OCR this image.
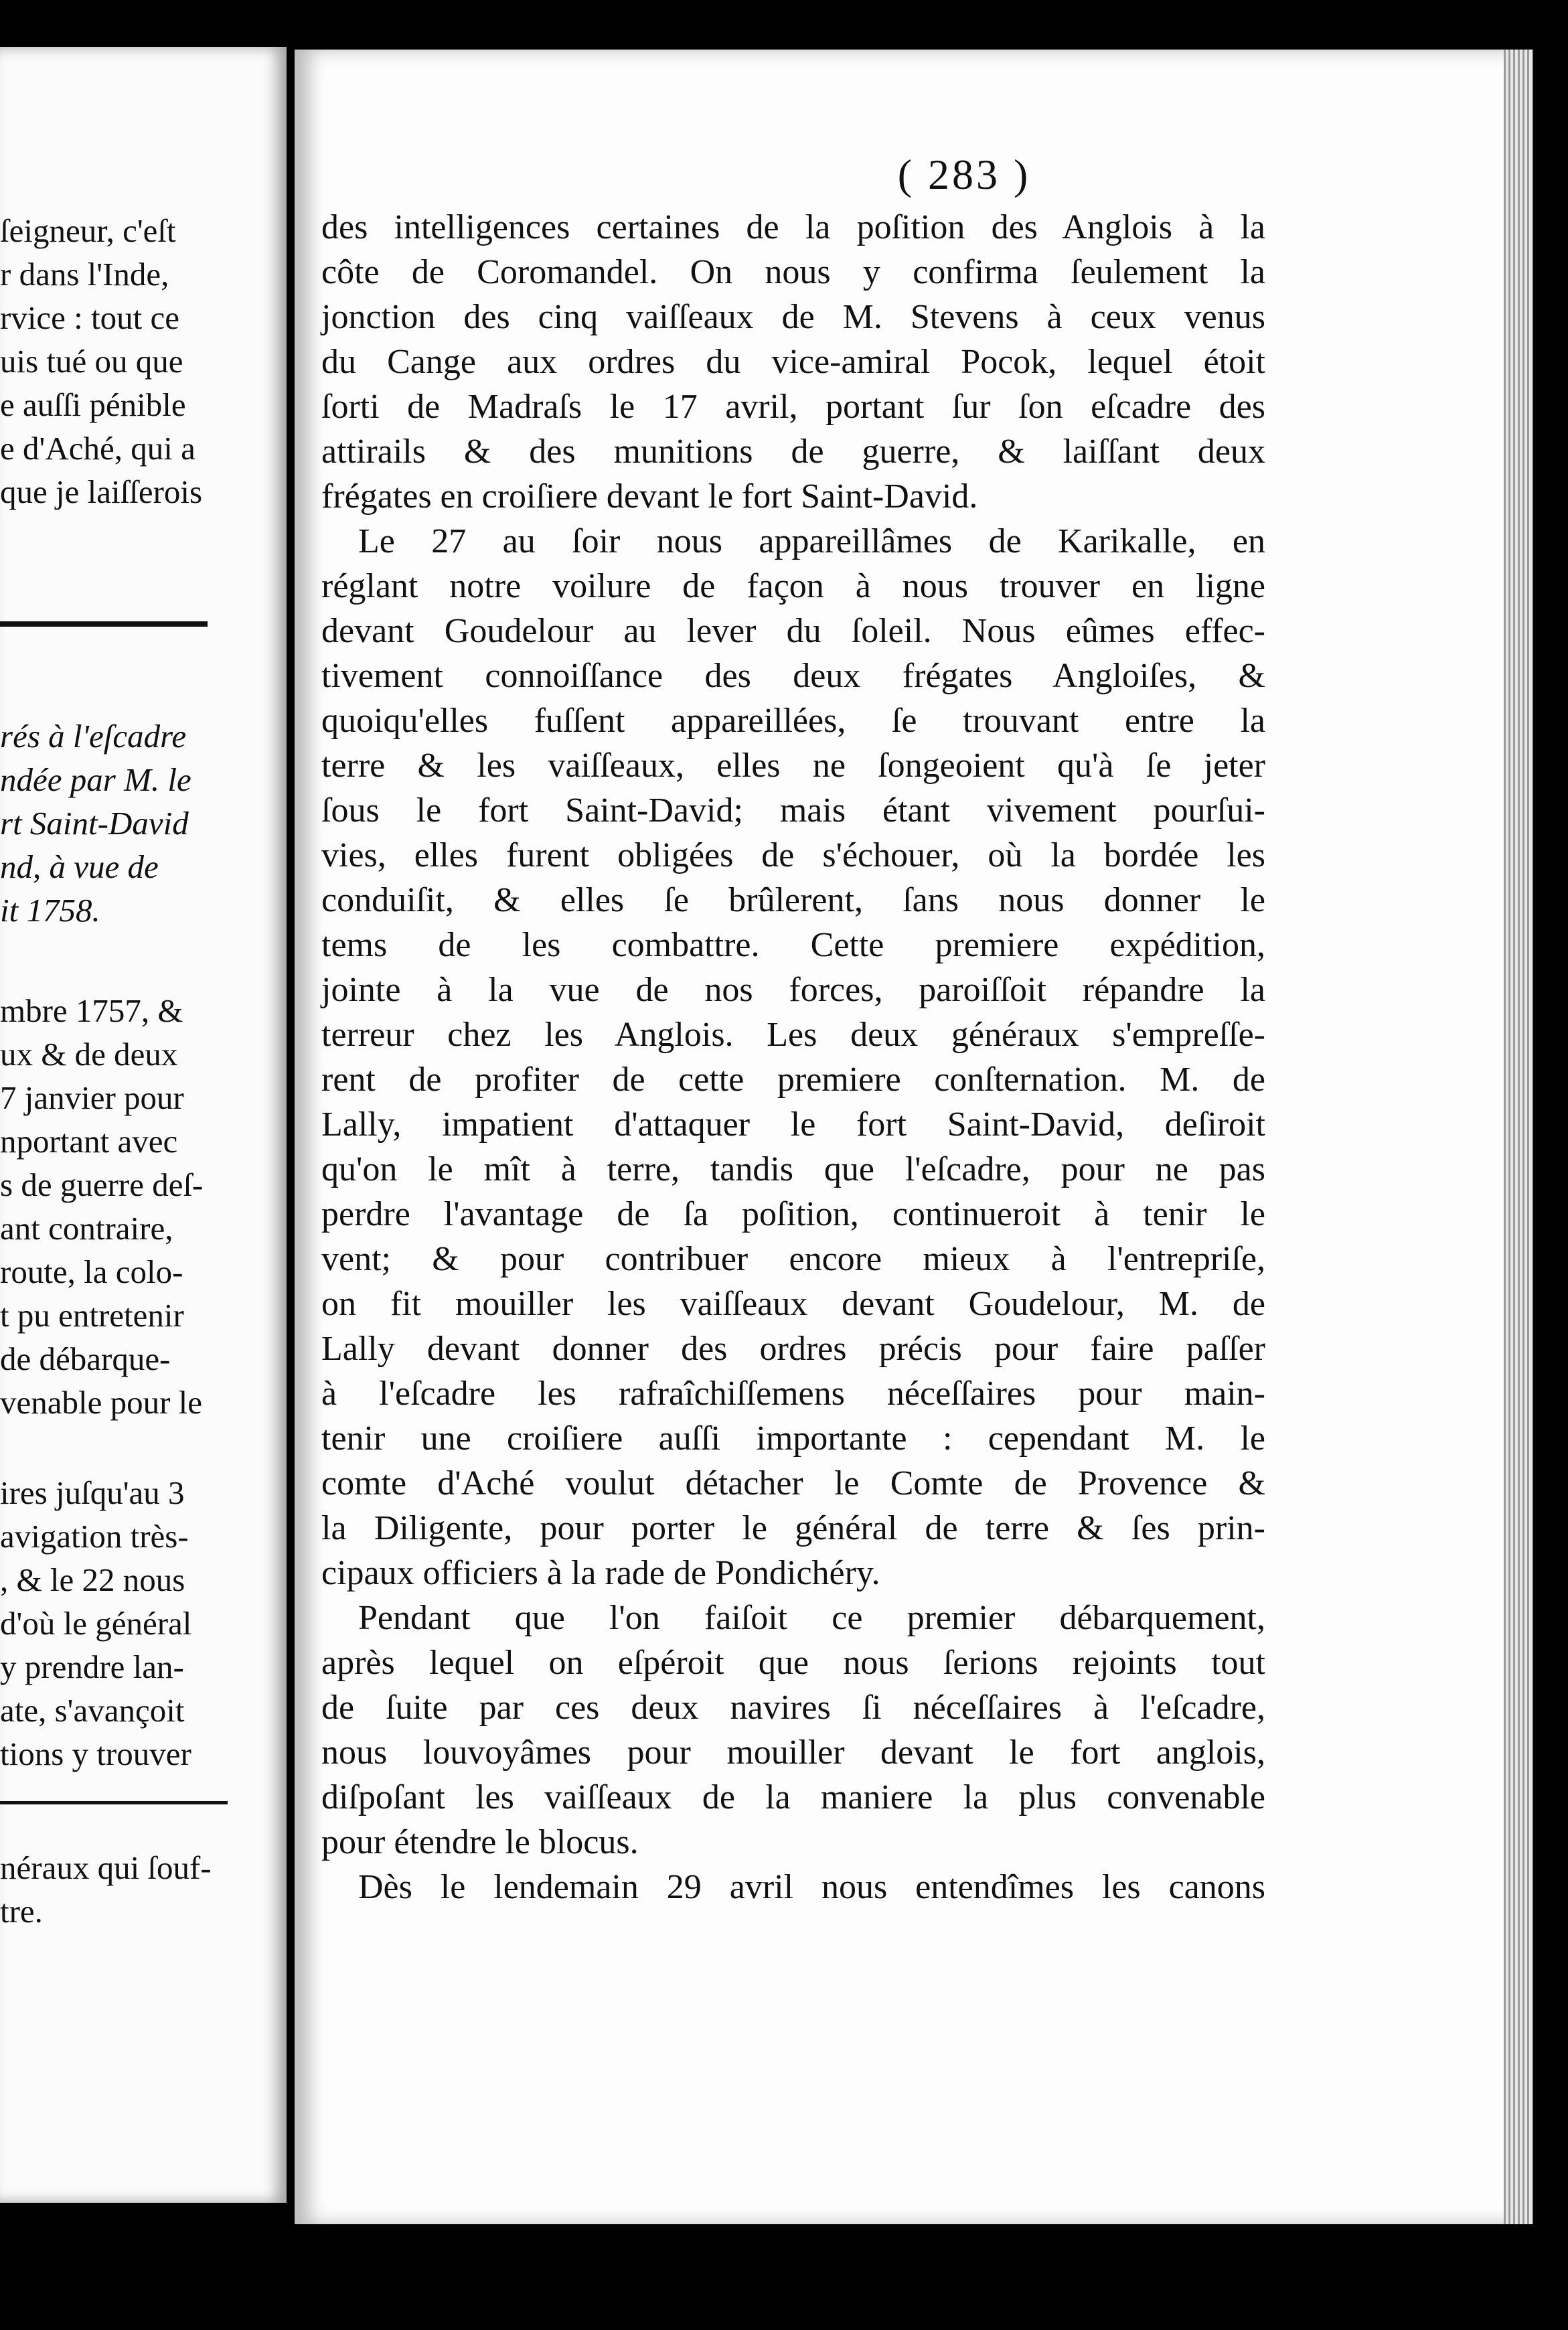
ſeigneur, c'eſt
r dans l'Inde,
rvice : tout ce
uis tué ou que
e auſſi pénible
e d'Aché, qui a
que je laiſſerois
rés à l'eſcadre
ndée par M. le
rt Saint-David
nd, à vue de
it 1758.
mbre 1757, &
ux & de deux
7 janvier pour
nportant avec
s de guerre deſ-
ant contraire,
route, la colo-
t pu entretenir
de débarque-
venable pour le
ires juſqu'au 3
avigation très-
, & le 22 nous
d'où le général
y prendre lan-
ate, s'avançoit
tions y trouver
néraux qui ſouf-
tre.
( 283 )
des intelligences certaines de la poſition des Anglois à la
côte de Coromandel. On nous y confirma ſeulement la
jonction des cinq vaiſſeaux de M. Stevens à ceux venus
du Cange aux ordres du vice-amiral Pocok, lequel étoit
ſorti de Madraſs le 17 avril, portant ſur ſon eſcadre des
attirails & des munitions de guerre, & laiſſant deux
frégates en croiſiere devant le fort Saint-David.
Le 27 au ſoir nous appareillâmes de Karikalle, en
réglant notre voilure de façon à nous trouver en ligne
devant Goudelour au lever du ſoleil. Nous eûmes effec-
tivement connoiſſance des deux frégates Angloiſes, &
quoiqu'elles fuſſent appareillées, ſe trouvant entre la
terre & les vaiſſeaux, elles ne ſongeoient qu'à ſe jeter
ſous le fort Saint-David; mais étant vivement pourſui-
vies, elles furent obligées de s'échouer, où la bordée les
conduiſit, & elles ſe brûlerent, ſans nous donner le
tems de les combattre. Cette premiere expédition,
jointe à la vue de nos forces, paroiſſoit répandre la
terreur chez les Anglois. Les deux généraux s'empreſſe-
rent de profiter de cette premiere conſternation. M. de
Lally, impatient d'attaquer le fort Saint-David, deſiroit
qu'on le mît à terre, tandis que l'eſcadre, pour ne pas
perdre l'avantage de ſa poſition, continueroit à tenir le
vent; & pour contribuer encore mieux à l'entrepriſe,
on fit mouiller les vaiſſeaux devant Goudelour, M. de
Lally devant donner des ordres précis pour faire paſſer
à l'eſcadre les rafraîchiſſemens néceſſaires pour main-
tenir une croiſiere auſſi importante : cependant M. le
comte d'Aché voulut détacher le Comte de Provence &
la Diligente, pour porter le général de terre & ſes prin-
cipaux officiers à la rade de Pondichéry.
Pendant que l'on faiſoit ce premier débarquement,
après lequel on eſpéroit que nous ſerions rejoints tout
de ſuite par ces deux navires ſi néceſſaires à l'eſcadre,
nous louvoyâmes pour mouiller devant le fort anglois,
diſpoſant les vaiſſeaux de la maniere la plus convenable
pour étendre le blocus.
Dès le lendemain 29 avril nous entendîmes les canons
